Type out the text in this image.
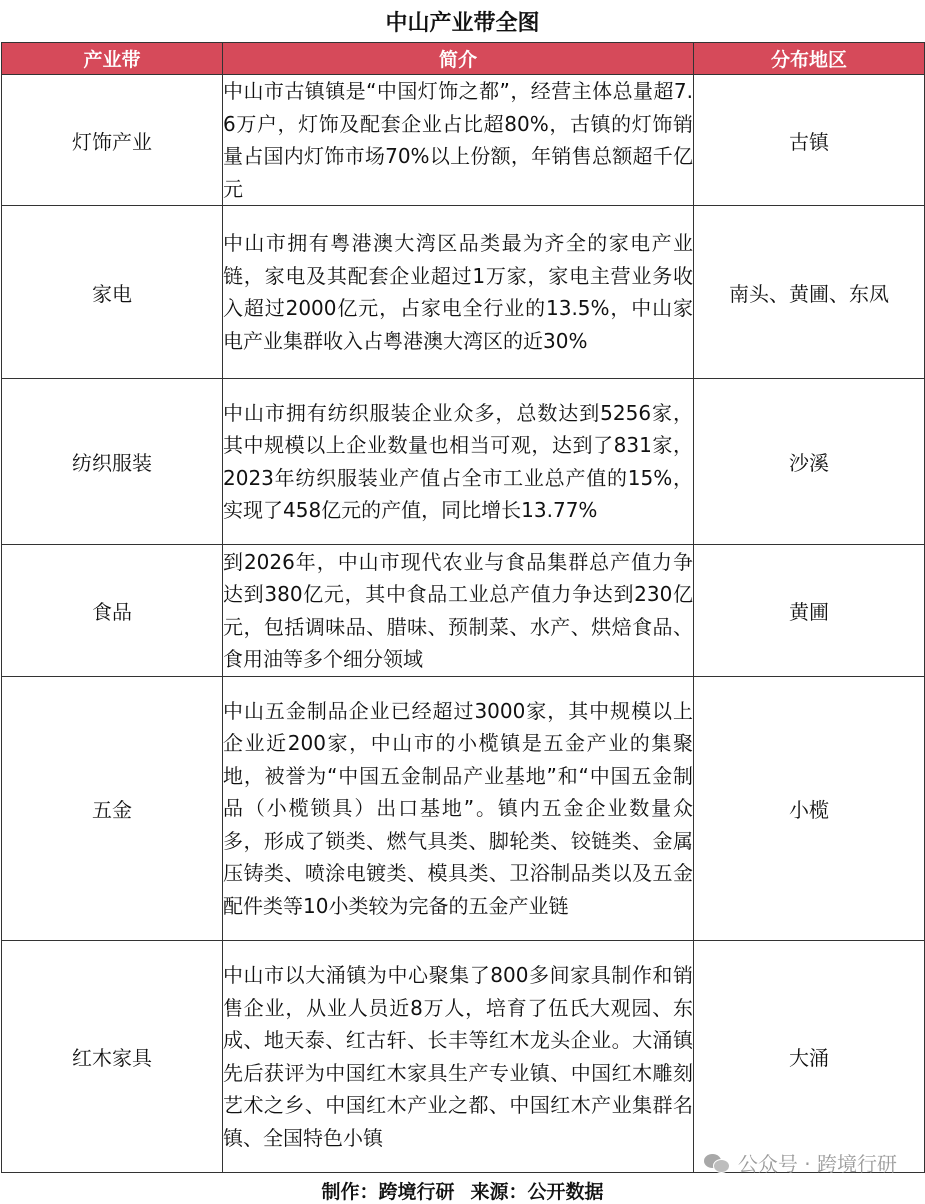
中山产业带全图
产业带	简介	分布地区
灯饰产业	中山市古镇镇是“中国灯饰之都”，经营主体总量超7.6万户，灯饰及配套企业占比超80%，古镇的灯饰销量占国内灯饰市场70%以上份额，年销售总额超千亿元	古镇
家电	中山市拥有粤港澳大湾区品类最为齐全的家电产业链，家电及其配套企业超过1万家，家电主营业务收入超过2000亿元，占家电全行业的13.5%，中山家电产业集群收入占粤港澳大湾区的近30%	南头、黄圃、东凤
纺织服装	中山市拥有纺织服装企业众多，总数达到5256家，其中规模以上企业数量也相当可观，达到了831家，2023年纺织服装业产值占全市工业总产值的15%，实现了458亿元的产值，同比增长13.77%	沙溪
食品	到2026年，中山市现代农业与食品集群总产值力争达到380亿元，其中食品工业总产值力争达到230亿元，包括调味品、腊味、预制菜、水产、烘焙食品、食用油等多个细分领域	黄圃
五金	中山五金制品企业已经超过3000家，其中规模以上企业近200家，中山市的小榄镇是五金产业的集聚地，被誉为“中国五金制品产业基地”和“中国五金制品（小榄锁具）出口基地”。镇内五金企业数量众多，形成了锁类、燃气具类、脚轮类、铰链类、金属压铸类、喷涂电镀类、模具类、卫浴制品类以及五金配件类等10小类较为完备的五金产业链	小榄
红木家具	中山市以大涌镇为中心聚集了800多间家具制作和销售企业，从业人员近8万人，培育了伍氏大观园、东成、地天泰、红古轩、长丰等红木龙头企业。大涌镇先后获评为中国红木家具生产专业镇、中国红木雕刻艺术之乡、中国红木产业之都、中国红木产业集群名镇、全国特色小镇	大涌
公众号 · 跨境行研
制作：跨境行研 来源：公开数据
